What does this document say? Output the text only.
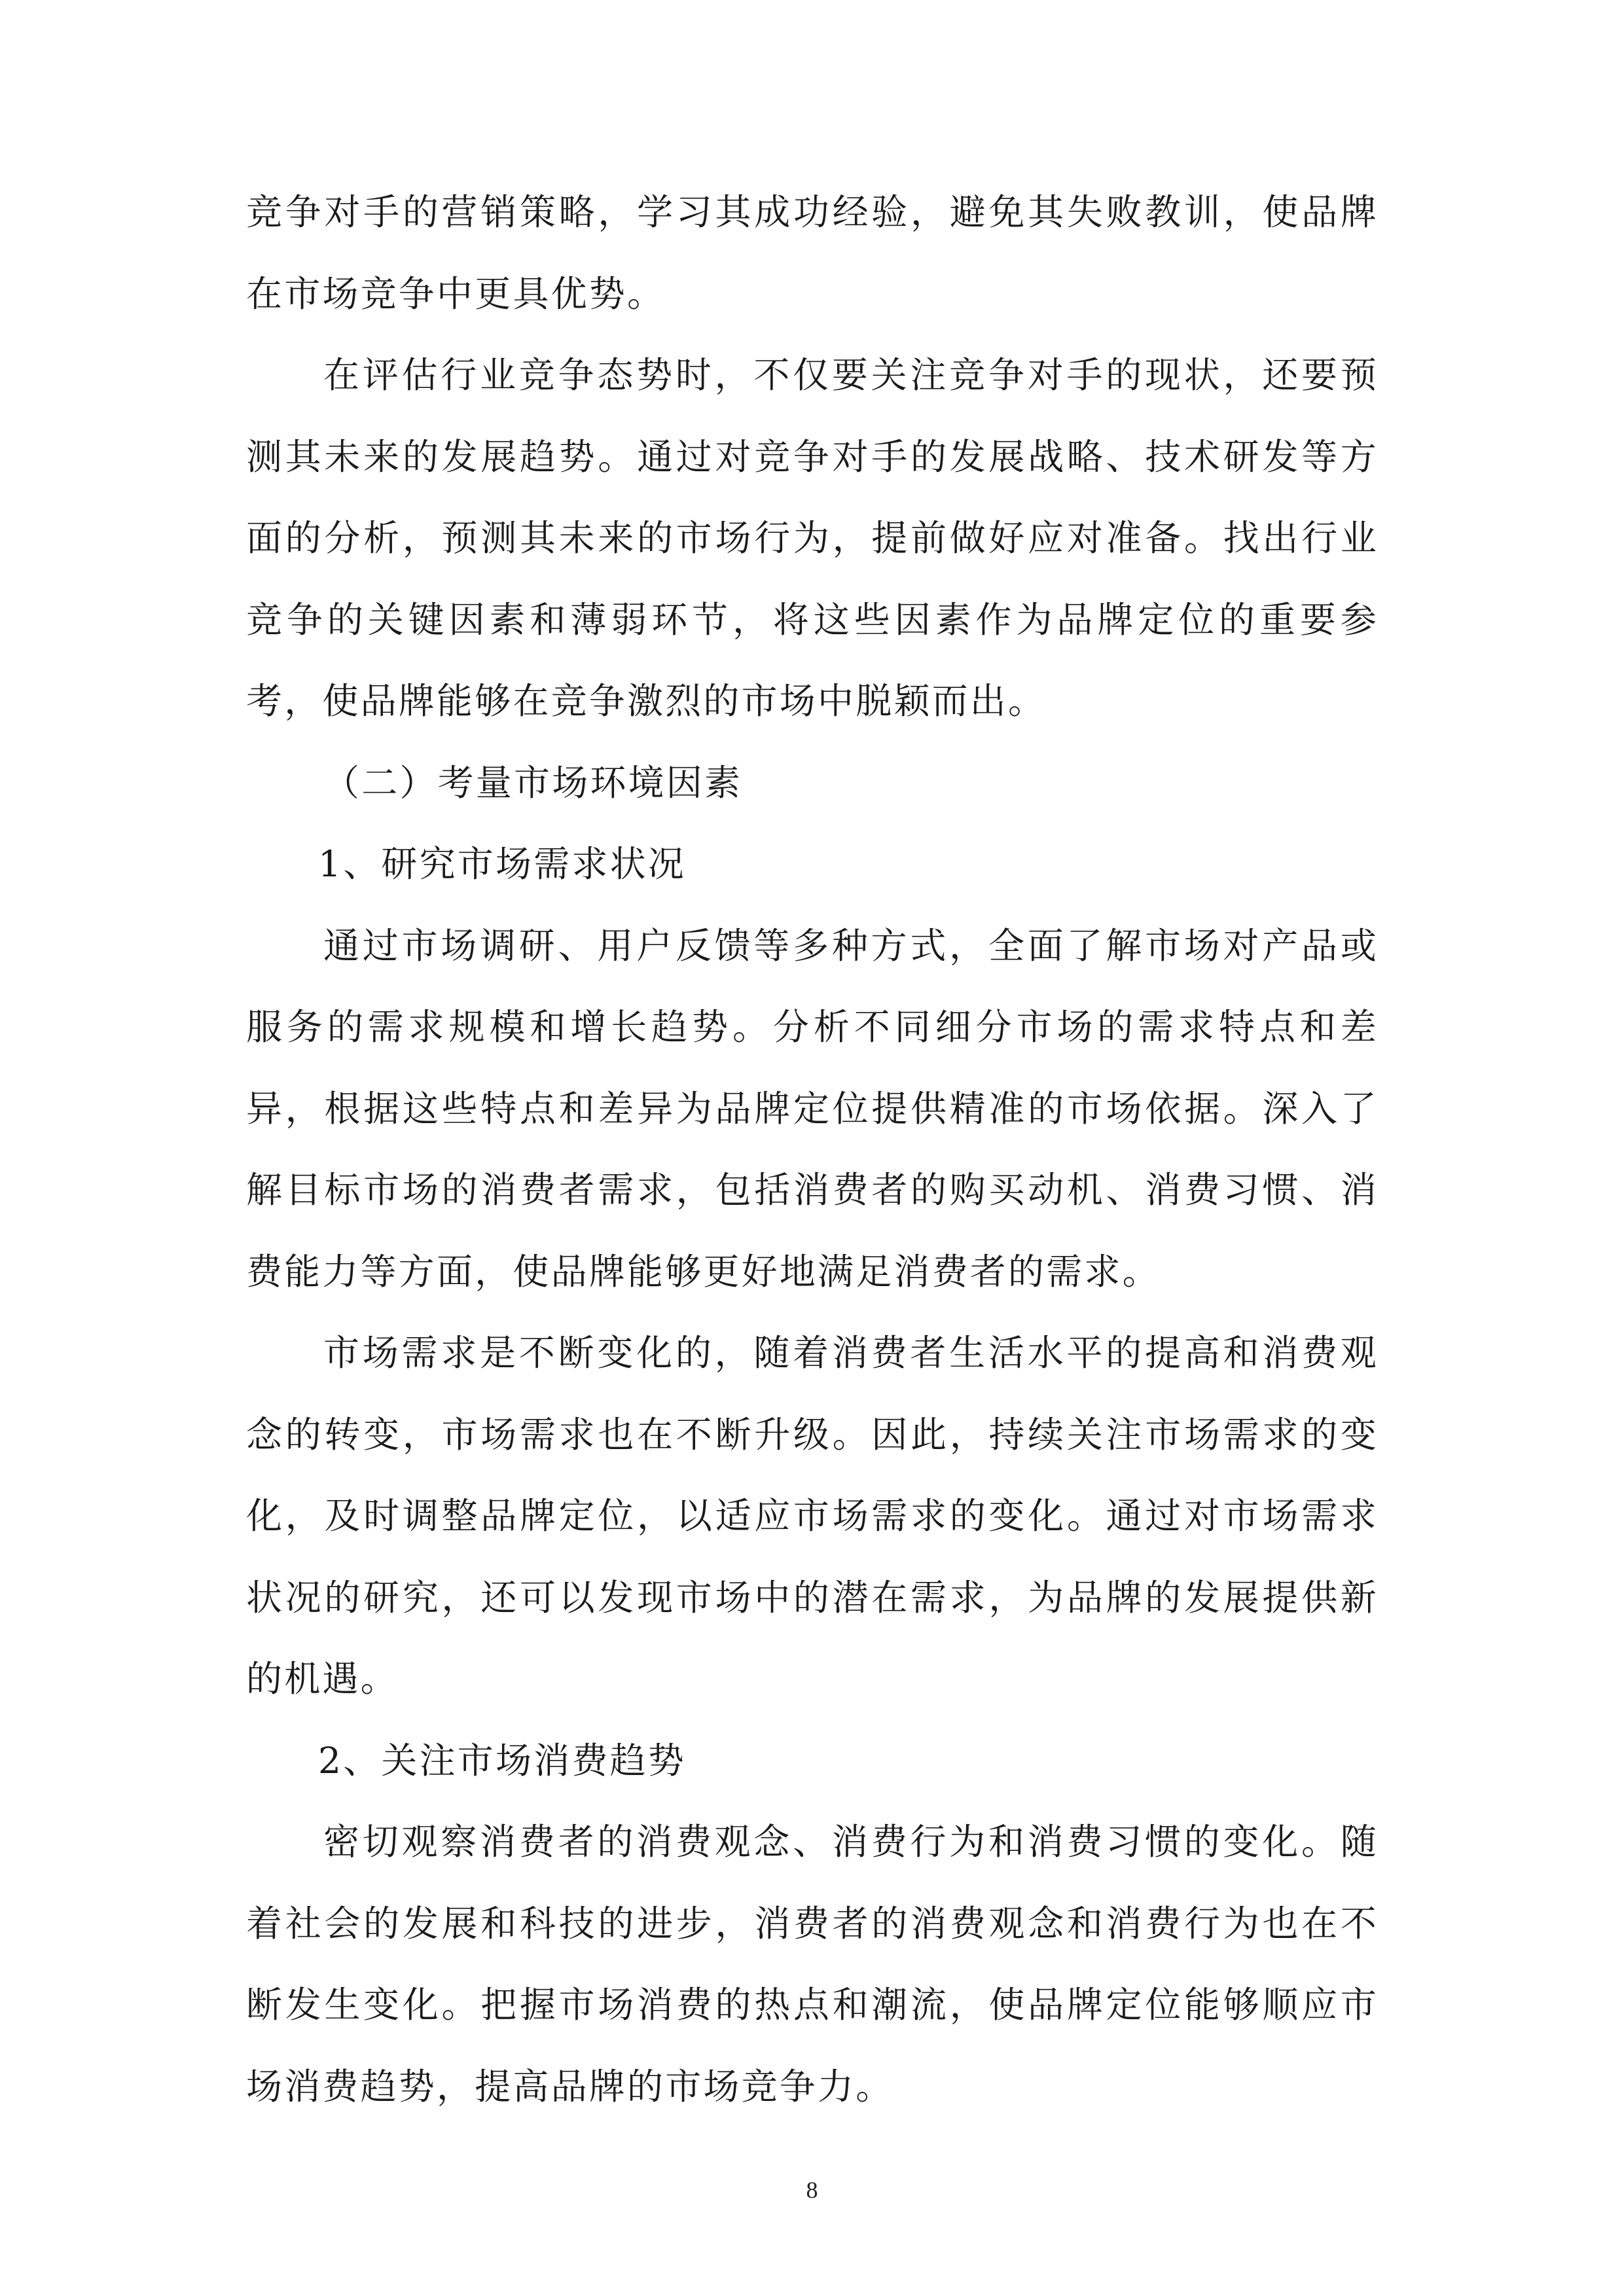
竞争对手的营销策略，学习其成功经验，避免其失败教训，使品牌在市场竞争中更具优势。

在评估行业竞争态势时，不仅要关注竞争对手的现状，还要预测其未来的发展趋势。通过对竞争对手的发展战略、技术研发等方面的分析，预测其未来的市场行为，提前做好应对准备。找出行业竞争的关键因素和薄弱环节，将这些因素作为品牌定位的重要参考，使品牌能够在竞争激烈的市场中脱颖而出。

（二）考量市场环境因素

1、研究市场需求状况

通过市场调研、用户反馈等多种方式，全面了解市场对产品或服务的需求规模和增长趋势。分析不同细分市场的需求特点和差异，根据这些特点和差异为品牌定位提供精准的市场依据。深入了解目标市场的消费者需求，包括消费者的购买动机、消费习惯、消费能力等方面，使品牌能够更好地满足消费者的需求。

市场需求是不断变化的，随着消费者生活水平的提高和消费观念的转变，市场需求也在不断升级。因此，持续关注市场需求的变化，及时调整品牌定位，以适应市场需求的变化。通过对市场需求状况的研究，还可以发现市场中的潜在需求，为品牌的发展提供新的机遇。

2、关注市场消费趋势

密切观察消费者的消费观念、消费行为和消费习惯的变化。随着社会的发展和科技的进步，消费者的消费观念和消费行为也在不断发生变化。把握市场消费的热点和潮流，使品牌定位能够顺应市场消费趋势，提高品牌的市场竞争力。

8
